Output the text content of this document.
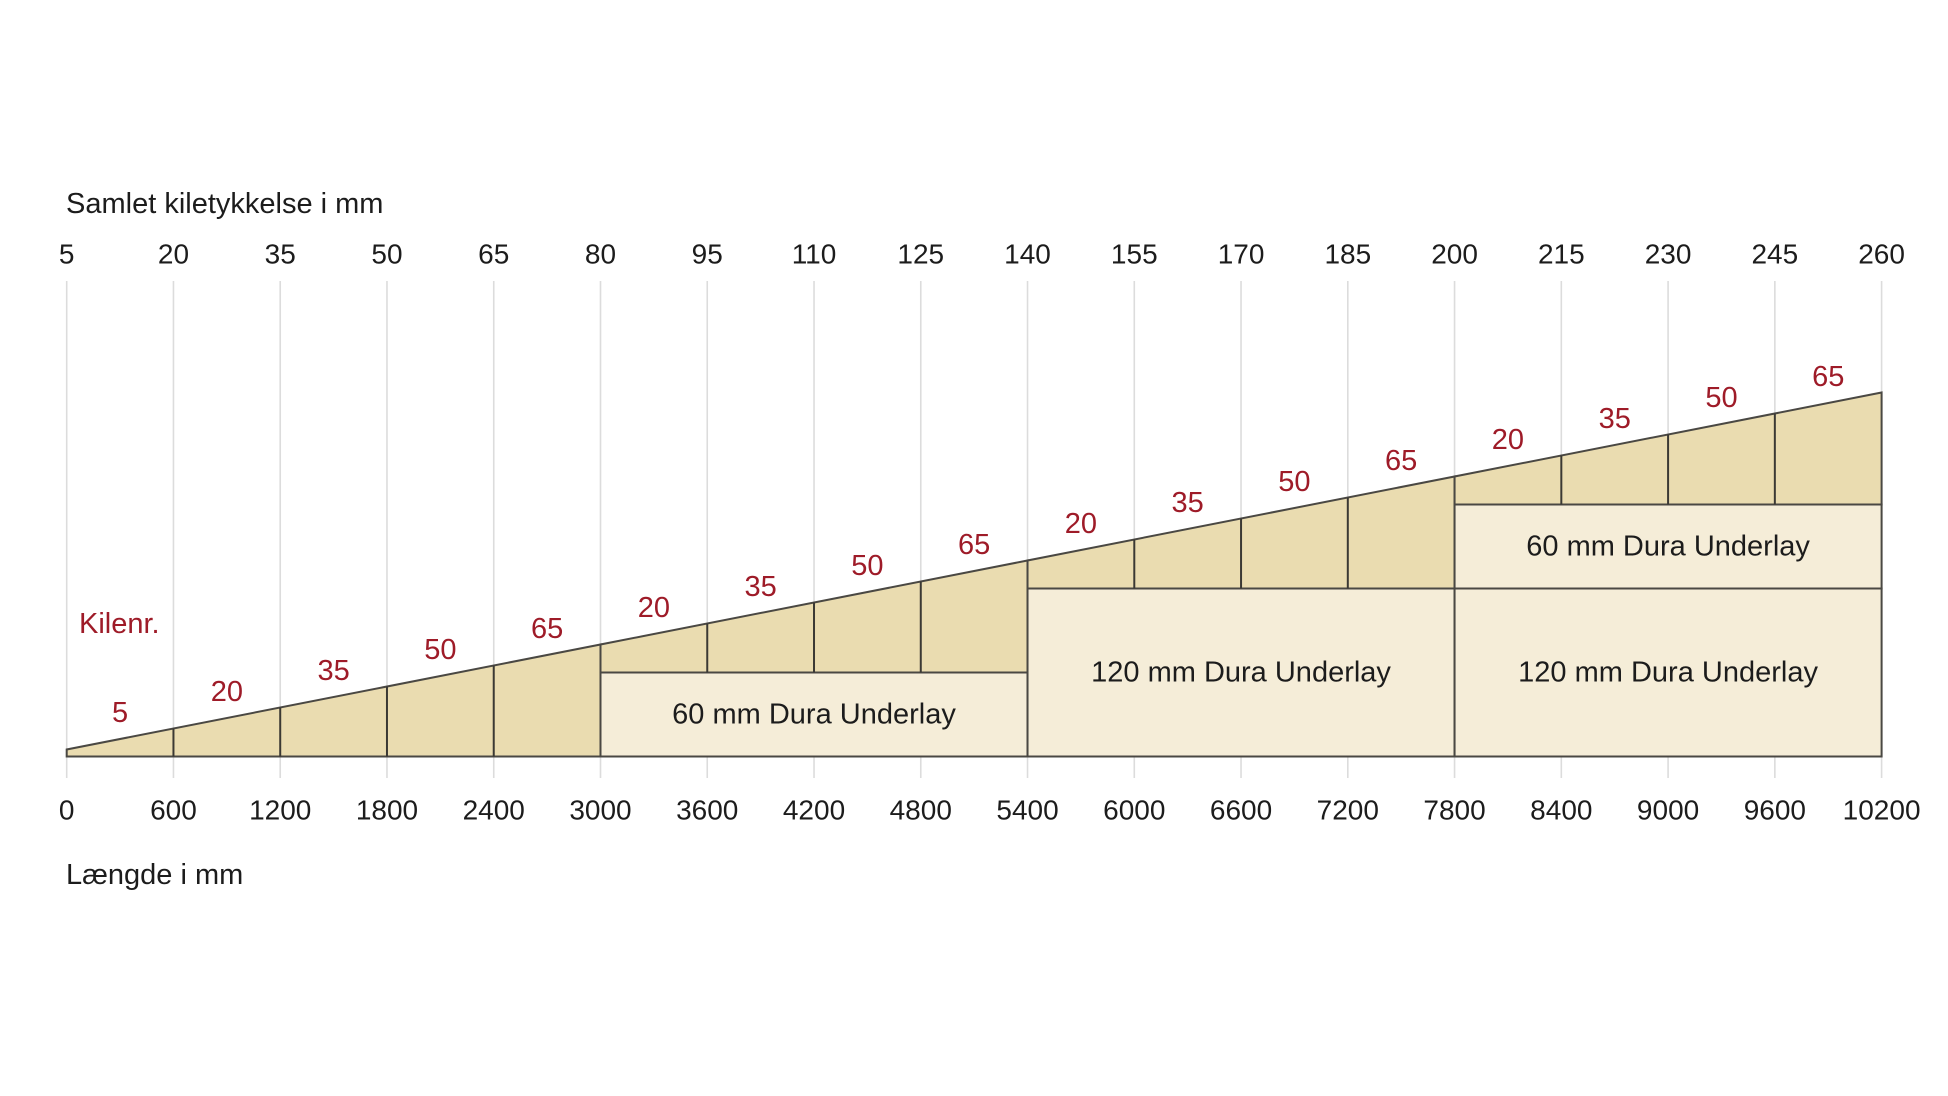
5	20	35	50	65	80	95 110 125 140 155 170 185 200 215 230 245 260
0	600 1200 1800 2400 3000 3600 4200 4800 5400 6000 6600 7200 7800 8400 9000 9600 10200
5
20
35
50
65
60 mm Dura Underlay
20
35
50
65
120 mm Dura Underlay
20
35
50
65
120 mm Dura Underlay
60 mm Dura Underlay
20
35
50
65
Samlet kiletykkelse i mm
Kilenr.
Længde i mm
